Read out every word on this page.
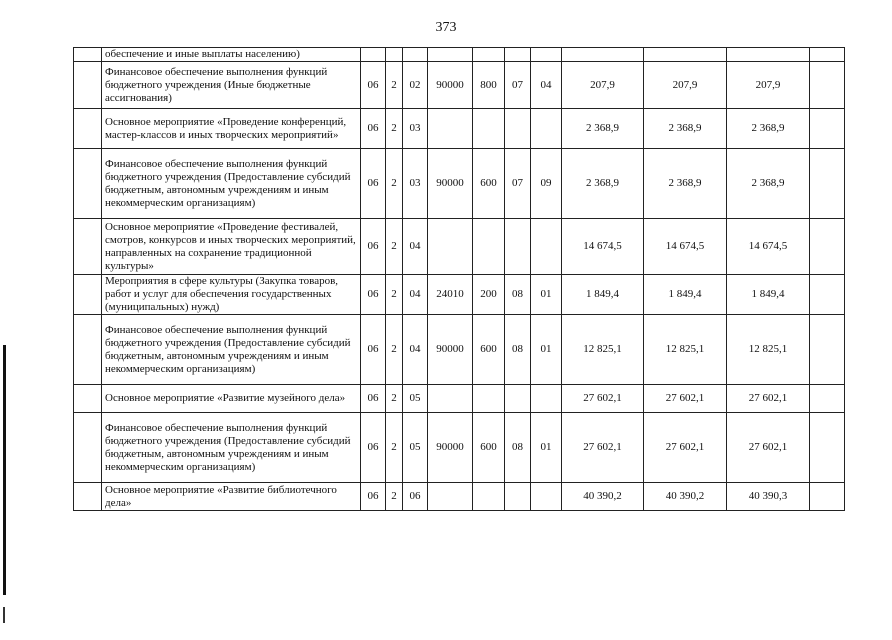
373
	обеспечение и иные выплаты населению)											
	Финансовое обеспечение выполнения функций бюджетного учреждения (Иные бюджетные ассигнования)	06	2	02	90000	800	07	04	207,9	207,9	207,9	
	Основное мероприятие «Проведение конференций, мастер-классов и иных творческих мероприятий»	06	2	03					2 368,9	2 368,9	2 368,9	
	Финансовое обеспечение выполнения функций бюджетного учреждения (Предоставление субсидий бюджетным, автономным учреждениям и иным некоммерческим организациям)	06	2	03	90000	600	07	09	2 368,9	2 368,9	2 368,9	
	Основное мероприятие «Проведение фестивалей, смотров, конкурсов и иных творческих мероприятий, направленных на сохранение традиционной культуры»	06	2	04					14 674,5	14 674,5	14 674,5	
	Мероприятия в сфере культуры (Закупка товаров, работ и услуг для обеспечения государственных (муниципальных) нужд)	06	2	04	24010	200	08	01	1 849,4	1 849,4	1 849,4	
	Финансовое обеспечение выполнения функций бюджетного учреждения (Предоставление субсидий бюджетным, автономным учреждениям и иным некоммерческим организациям)	06	2	04	90000	600	08	01	12 825,1	12 825,1	12 825,1	
	Основное мероприятие «Развитие музейного дела»	06	2	05					27 602,1	27 602,1	27 602,1	
	Финансовое обеспечение выполнения функций бюджетного учреждения (Предоставление субсидий бюджетным, автономным учреждениям и иным некоммерческим организациям)	06	2	05	90000	600	08	01	27 602,1	27 602,1	27 602,1	
	Основное мероприятие «Развитие библиотечного дела»	06	2	06					40 390,2	40 390,2	40 390,3	
